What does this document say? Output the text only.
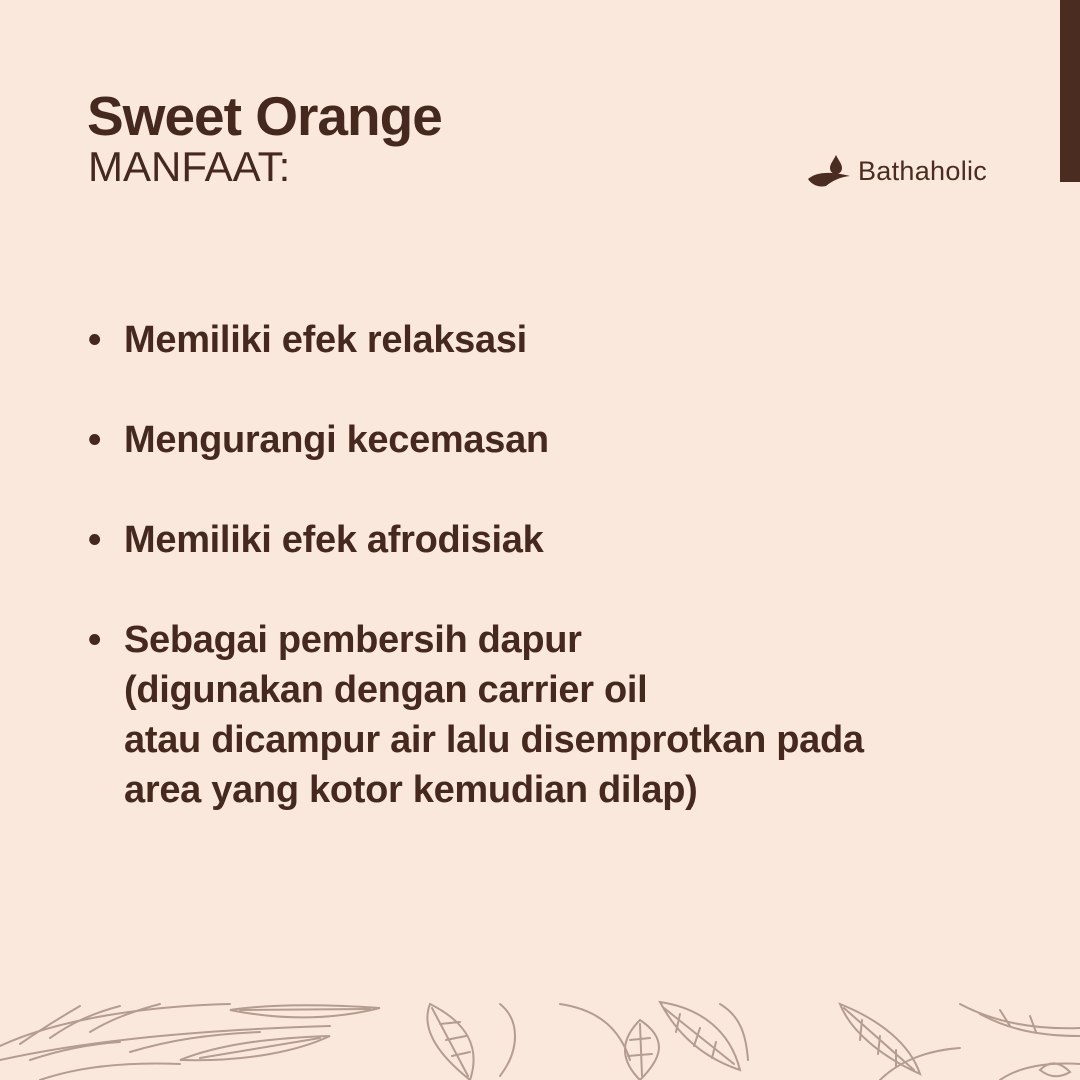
Sweet Orange
MANFAAT:	Bathaholic
• Memiliki efek relaksasi
• Mengurangi kecemasan
• Memiliki efek afrodisiak
• Sebagai pembersih dapur
(digunakan dengan carrier oil
atau dicampur air lalu disemprotkan pada
area yang kotor kemudian dilap)
